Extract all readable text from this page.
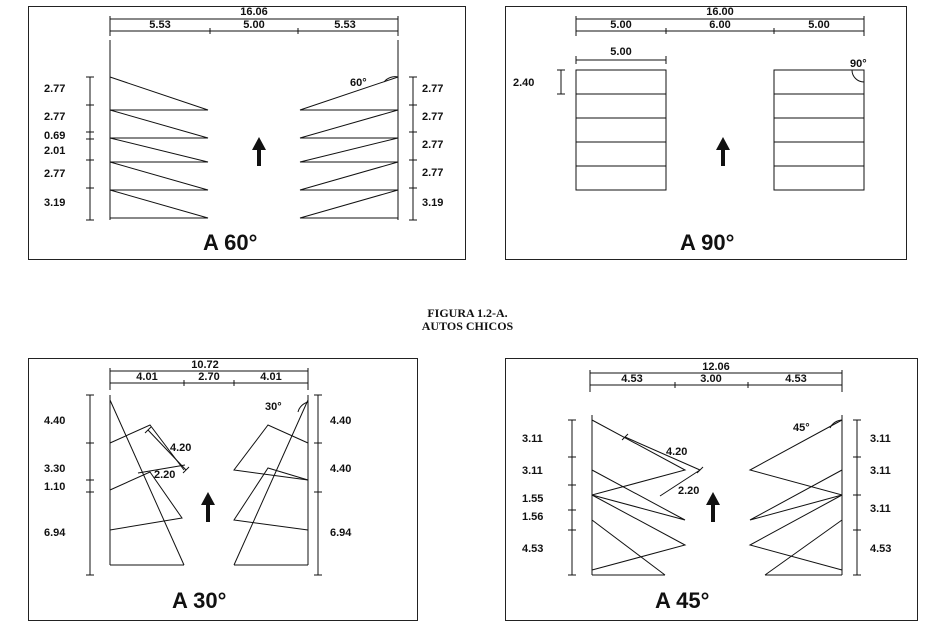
FIGURA 1.2-A.
AUTOS CHICOS
16.06
5.53	5.00	5.53
60°
2.77
2.77
0.69
2.01
2.77
3.19
2.77
2.77
2.77
2.77
3.19
A 60°
16.00
5.00	6.00	5.00
5.00
2.40
90°
A 90°
10.72
4.01	2.70	4.01
30°
4.20
2.20
4.40
3.30
1.10
6.94
4.40
4.40
6.94
A 30°
12.06
4.53	3.00	4.53
45°
4.20
2.20
3.11
3.11
1.55
1.56
4.53
3.11
3.11
3.11
4.53
A 45°
